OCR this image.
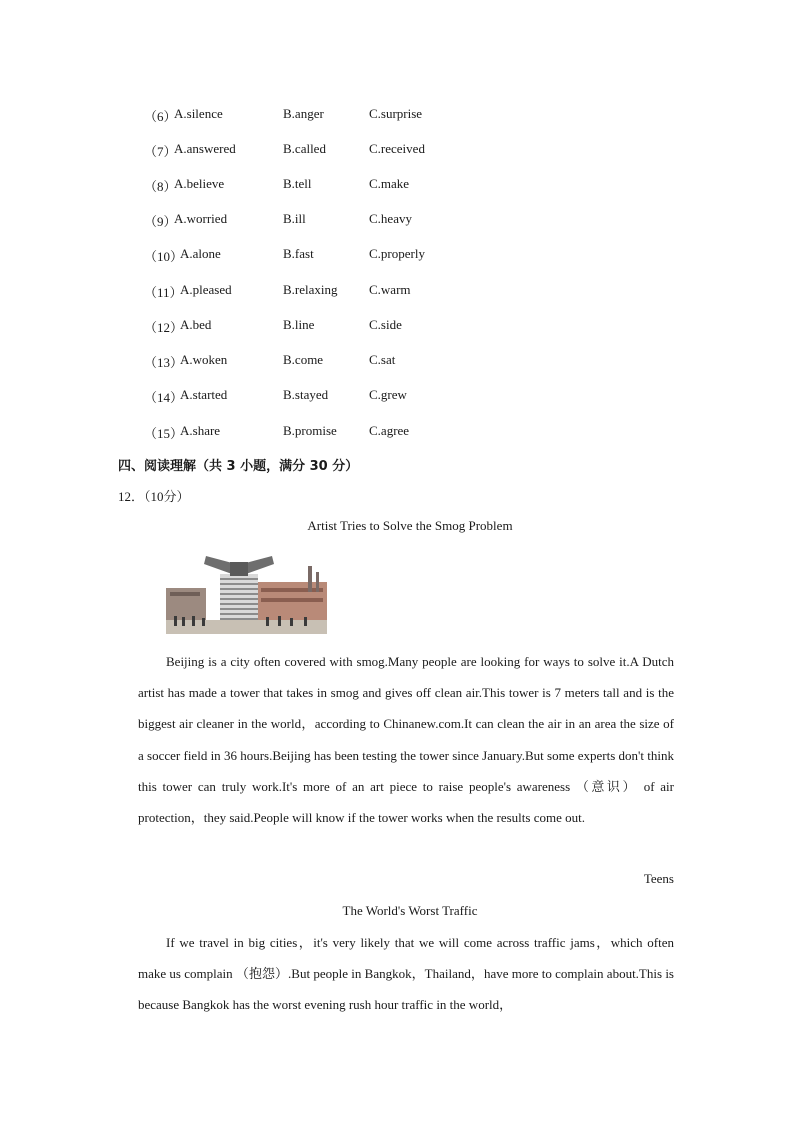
（6）
A.silence	B.anger	C.surprise
（7）
A.answered	B.called	C.received
（8）
A.believe	B.tell	C.make
（9）
A.worried	B.ill	C.heavy
（10）
A.alone	B.fast	C.properly
（11）
A.pleased	B.relaxing C.warm
（12）
A.bed	B.line	C.side
（13）
A.woken	B.come	C.sat
（14）
A.started	B.stayed	C.grew
（15）
A.share	B.promise C.agree
四、阅读理解（共 3 小题，满分 30 分）
12．（10分）
Artist Tries to Solve the Smog Problem
Beijing is a city often covered with smog.Many people are looking for ways to solve it.A Dutch artist has made a tower that takes in smog and gives off clean air.This tower is 7 meters tall and is the biggest air cleaner in the world，according to Chinanew.com.It can clean the air in an area the size of a soccer field in 36 hours.Beijing has been testing the tower since January.But some experts don't think this tower can truly work.It's more of an art piece to raise people's awareness （意识） of air protection，they said.People will know if the tower works when the results come out.
Teens
The World's Worst Traffic
If we travel in big cities，it's very likely that we will come across traffic jams，which often make us complain （抱怨）.But people in Bangkok，Thailand，have more to complain about.This is because Bangkok has the worst evening rush hour traffic in the world，
